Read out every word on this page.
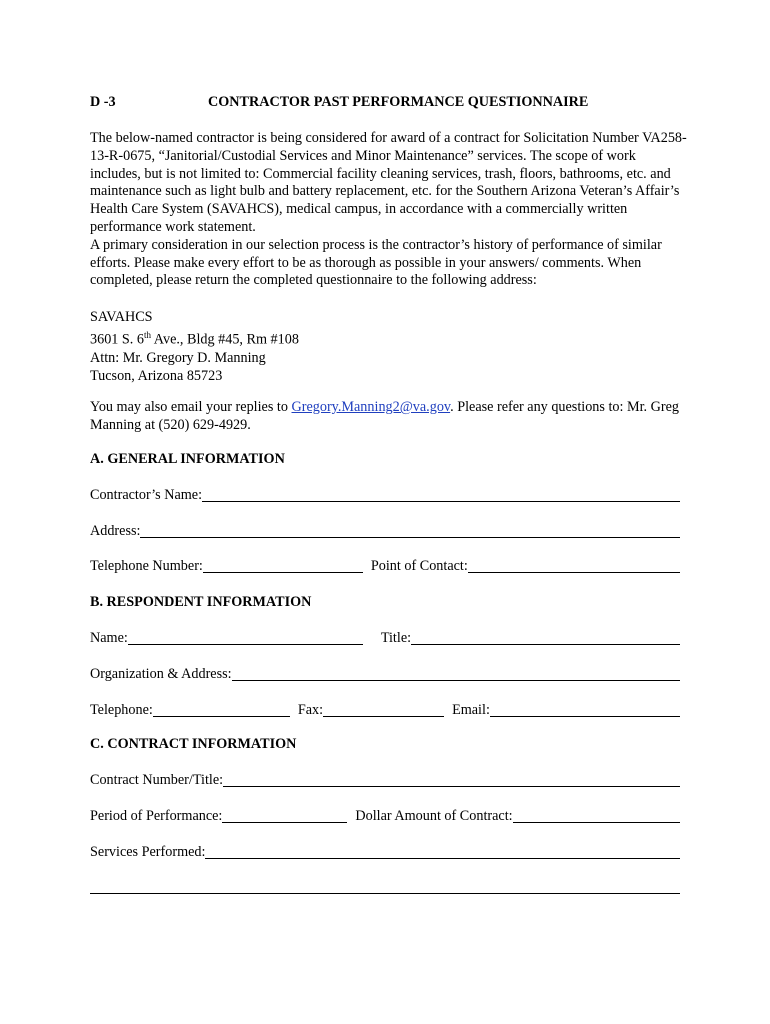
D -3	CONTRACTOR PAST PERFORMANCE QUESTIONNAIRE

The below-named contractor is being considered for award of a contract for Solicitation Number VA258-13-R-0675, “Janitorial/Custodial Services and Minor Maintenance” services. The scope of work includes, but is not limited to: Commercial facility cleaning services, trash, floors, bathrooms, etc. and maintenance such as light bulb and battery replacement, etc. for the Southern Arizona Veteran’s Affair’s Health Care System (SAVAHCS), medical campus, in accordance with a commercially written performance work statement.

A primary consideration in our selection process is the contractor’s history of performance of similar efforts. Please make every effort to be as thorough as possible in your answers/ comments. When completed, please return the completed questionnaire to the following address:

SAVAHCS
3601 S. 6th Ave., Bldg #45, Rm #108
Attn: Mr. Gregory D. Manning
Tucson, Arizona 85723
You may also email your replies to Gregory.Manning2@va.gov. Please refer any questions to: Mr. Greg Manning at (520) 629-4929.
A. GENERAL INFORMATION
Contractor’s Name:
Address:
Telephone Number:	Point of Contact:
B. RESPONDENT INFORMATION
Name:	Title:
Organization & Address:
Telephone:	Fax:	Email:
C. CONTRACT INFORMATION
Contract Number/Title:
Period of Performance:	Dollar Amount of Contract:
Services Performed:
